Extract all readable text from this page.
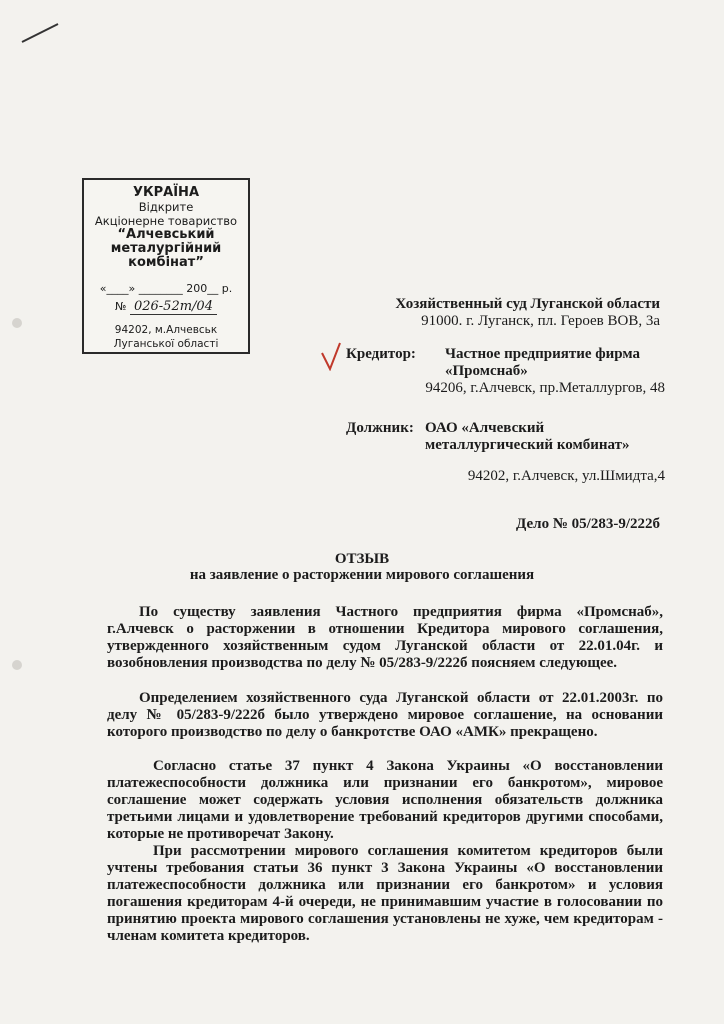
УКРАЇНА
Відкрите
Акціонерне товариство
“Алчевський
металургійний
комбінат”
«____» ________ 200__ р.
№ 026-52т/04
94202, м.Алчевськ
Луганської області
Хозяйственный суд Луганской области
91000. г. Луганск, пл. Героев ВОВ, 3а
Кредитор:	Частное предприятие фирма
«Промснаб»
94206, г.Алчевск, пр.Металлургов, 48
Должник: ОАО «Алчевский
металлургический комбинат»
94202, г.Алчевск, ул.Шмидта,4
Дело № 05/283-9/222б
ОТЗЫВ
на заявление о расторжении мирового соглашения
По существу заявления Частного предприятия фирма «Промснаб», г.Алчевск о расторжении в отношении Кредитора мирового соглашения, утвержденного хозяйственным судом Луганской области от 22.01.04г. и возобновления производства по делу № 05/283-9/222б поясняем следующее.
Определением хозяйственного суда Луганской области от 22.01.2003г. по делу № 05/283-9/222б было утверждено мировое соглашение, на основании которого производство по делу о банкротстве ОАО «АМК» прекращено.
Согласно статье 37 пункт 4 Закона Украины «О восстановлении платежеспособности должника или признании его банкротом», мировое соглашение может содержать условия исполнения обязательств должника третьими лицами и удовлетворение требований кредиторов другими способами, которые не противоречат Закону.
При рассмотрении мирового соглашения комитетом кредиторов были учтены требования статьи 36 пункт 3 Закона Украины «О восстановлении платежеспособности должника или признании его банкротом» и условия погашения кредиторам 4-й очереди, не принимавшим участие в голосовании по принятию проекта мирового соглашения установлены не хуже, чем кредиторам - членам комитета кредиторов.
